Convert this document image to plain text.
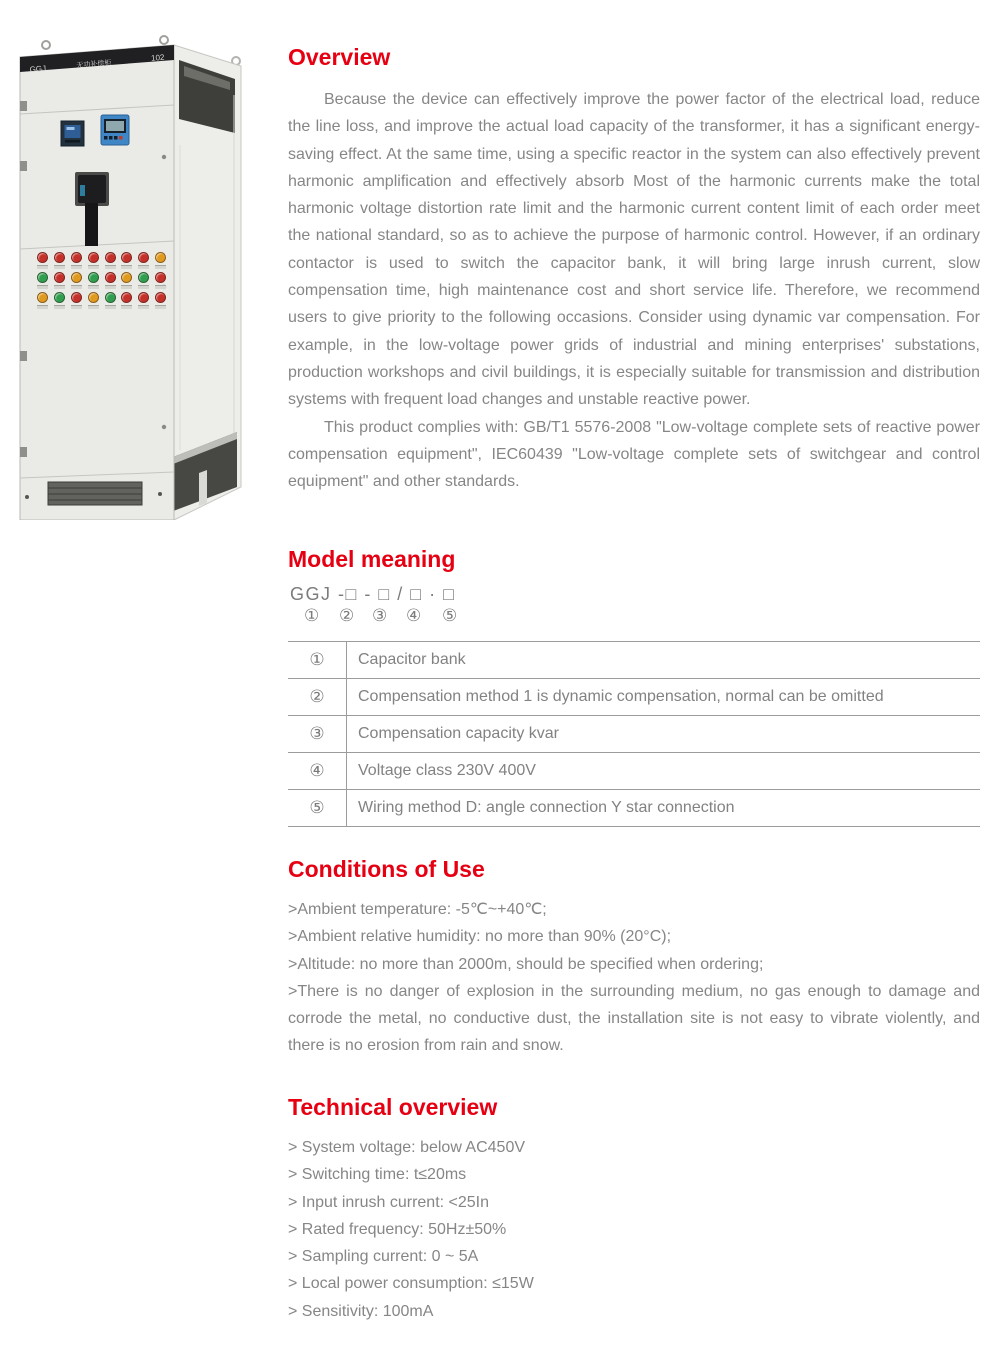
GGJ	无功补偿柜
102	Overview

Because the device can effectively improve the power factor of the electrical load, reduce the line loss, and improve the actual load capacity of the transformer, it has a significant energy-saving effect. At the same time, using a specific reactor in the system can also effectively prevent harmonic amplification and effectively absorb Most of the harmonic currents make the total harmonic voltage distortion rate limit and the harmonic current content limit of each order meet the national standard, so as to achieve the purpose of harmonic control. However, if an ordinary contactor is used to switch the capacitor bank, it will bring large inrush current, slow compensation time, high maintenance cost and short service life. Therefore, we recommend users to give priority to the following occasions. Consider using dynamic var compensation. For example, in the low-voltage power grids of industrial and mining enterprises' substations, production workshops and civil buildings, it is especially suitable for transmission and distribution systems with frequent load changes and unstable reactive power.

This product complies with: GB/T1 5576-2008 "Low-voltage complete sets of reactive power compensation equipment", IEC60439 "Low-voltage complete sets of switchgear and control equipment" and other standards.

Model meaning

GGJ -□ - □ / □ · □

① ② ③ ④ ⑤
①	Capacitor bank
②	Compensation method 1 is dynamic compensation, normal can be omitted
③	Compensation capacity kvar
④	Voltage class 230V 400V
⑤	Wiring method D: angle connection Y star connection
Conditions of Use

>Ambient temperature: -5℃~+40℃;

>Ambient relative humidity: no more than 90% (20°C);

>Altitude: no more than 2000m, should be specified when ordering;

>There is no danger of explosion in the surrounding medium, no gas enough to damage and corrode the metal, no conductive dust, the installation site is not easy to vibrate violently, and there is no erosion from rain and snow.

Technical overview

> System voltage: below AC450V

> Switching time: t≤20ms

> Input inrush current: <25In

> Rated frequency: 50Hz±50%

> Sampling current: 0 ~ 5A

> Local power consumption: ≤15W

> Sensitivity: 100mA
